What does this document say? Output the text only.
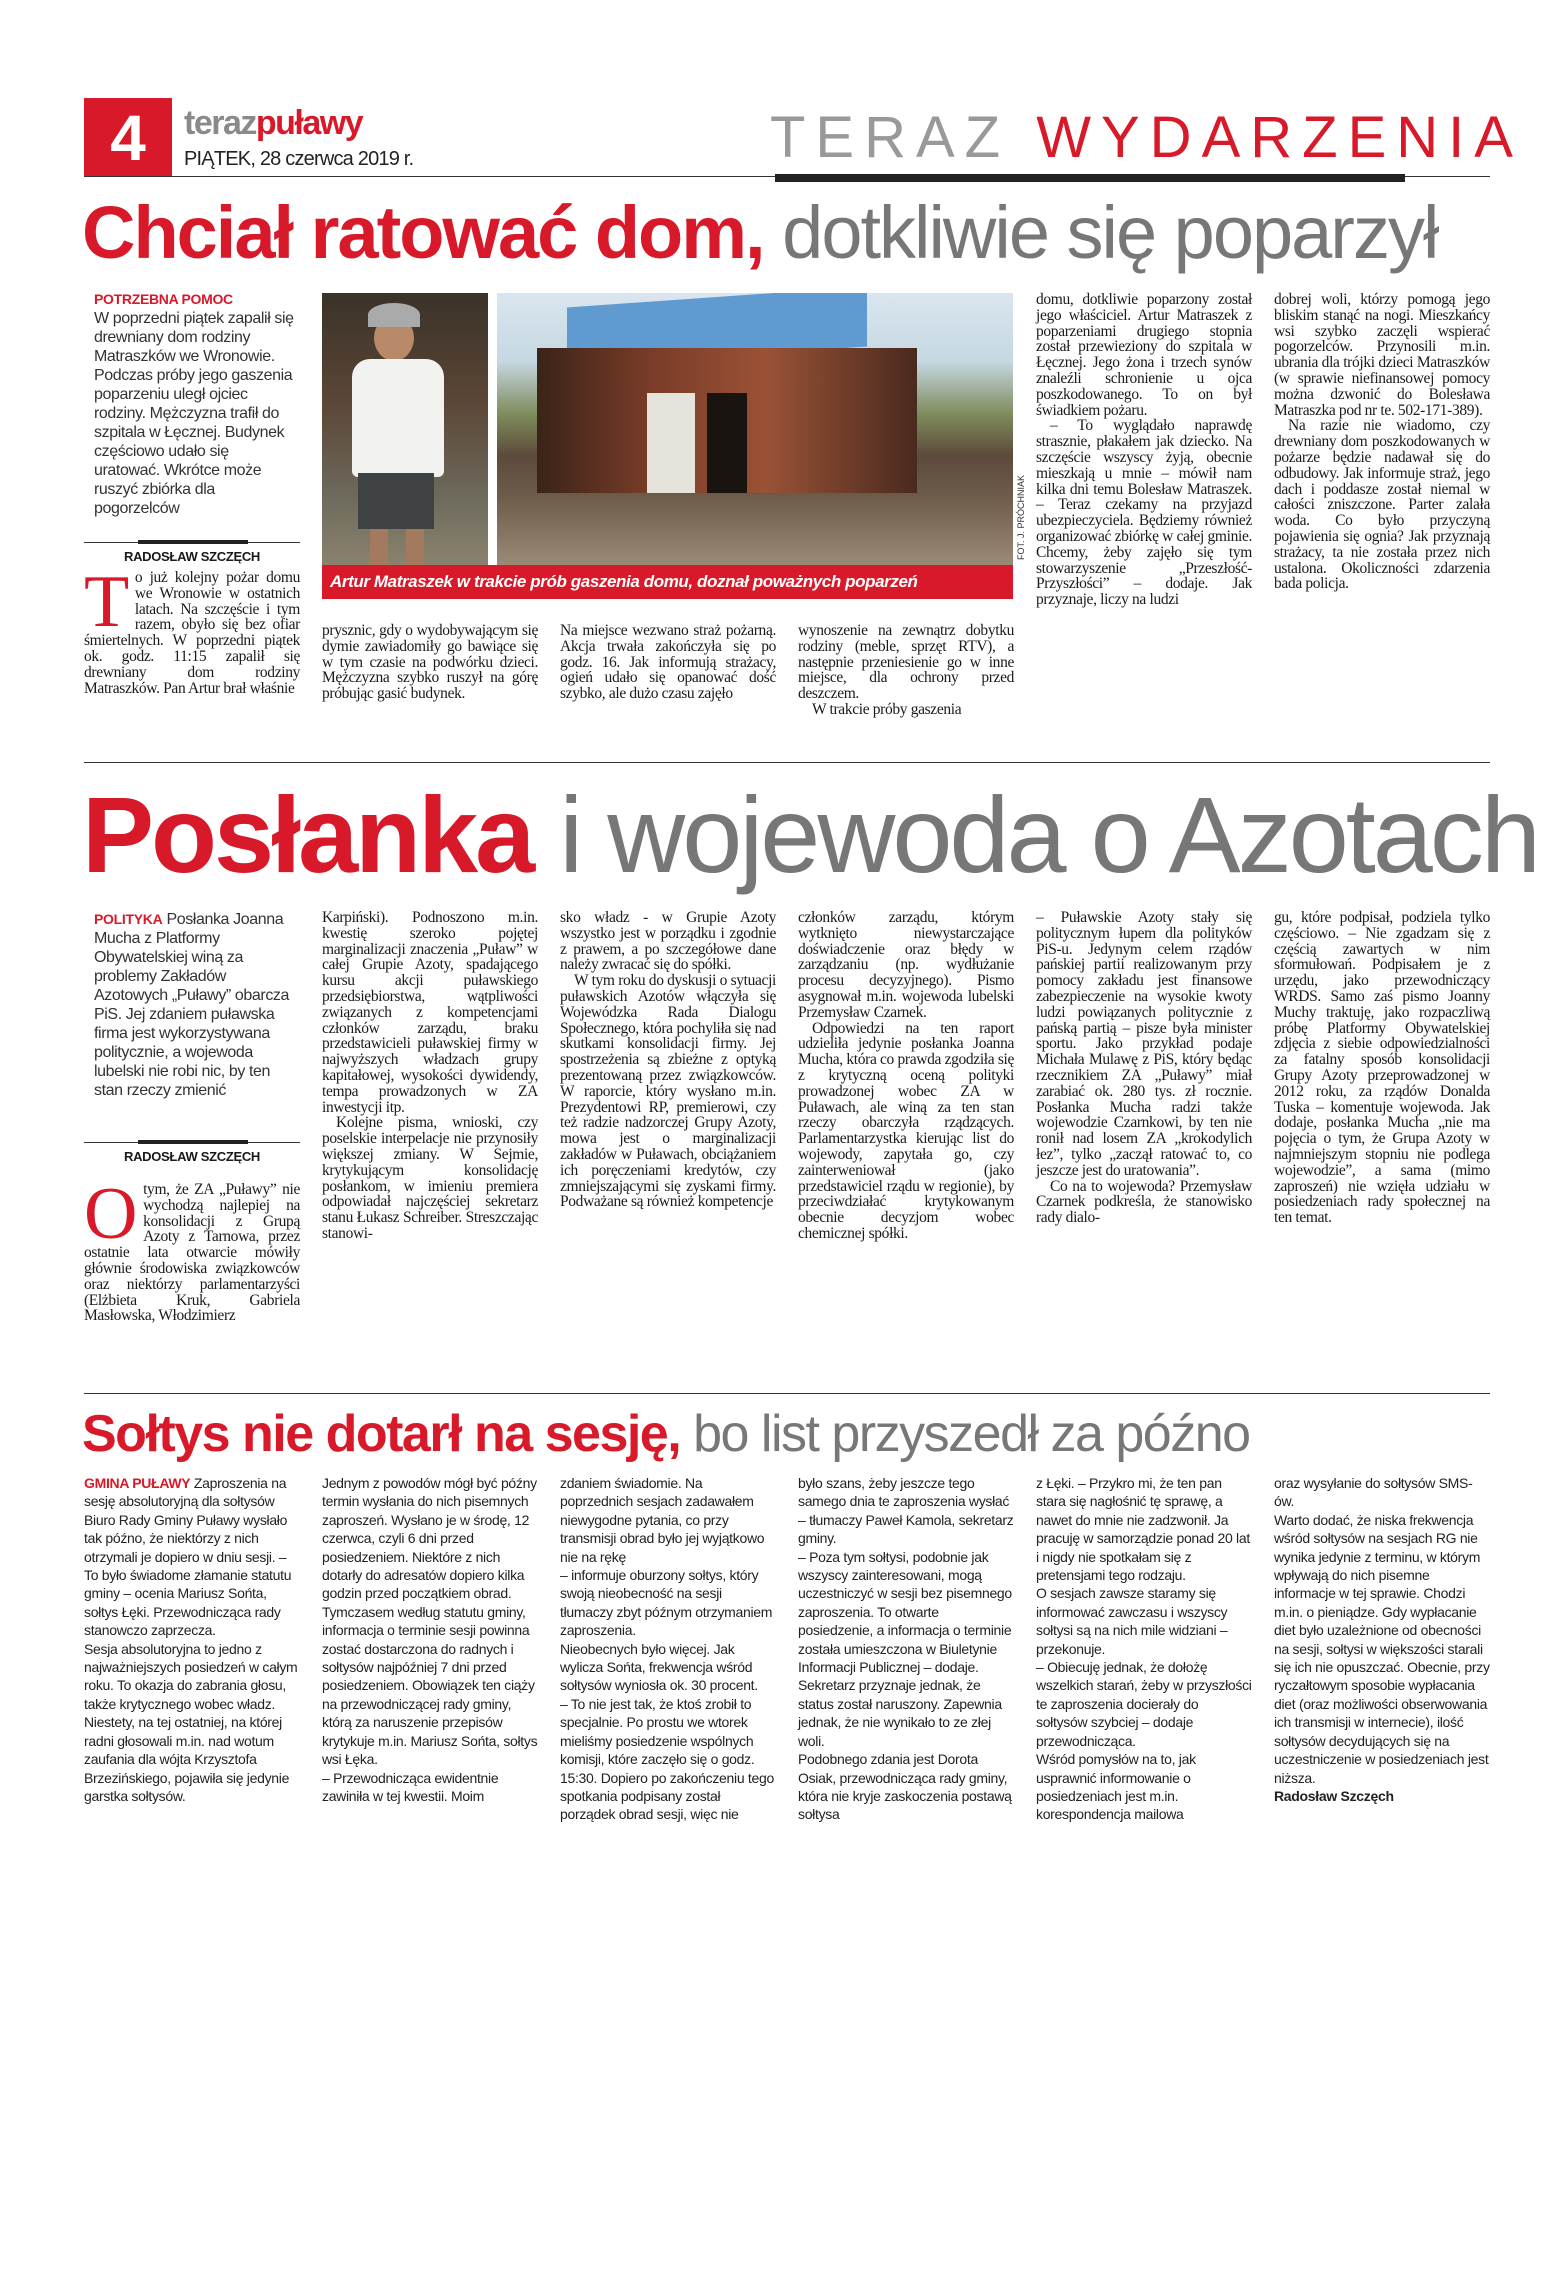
4	terazpuławy
PIĄTEK, 28 czerwca 2019 r.	TERAZ WYDARZENIA
Chciał ratować dom, dotkliwie się poparzył
POTRZEBNA POMOC
W poprzedni piątek zapalił się drewniany dom rodziny Matraszków we Wronowie. Podczas próby jego gaszenia poparzeniu uległ ojciec rodziny. Mężczyzna trafił do szpitala w Łęcznej. Budynek częściowo udało się uratować. Wkrótce może ruszyć zbiórka dla pogorzelców
RADOSŁAW SZCZĘCH
T o już kolejny pożar domu we Wronowie w ostatnich latach. Na szczęście i tym razem, obyło się bez ofiar śmiertelnych. W poprzedni piątek ok. godz. 11:15 zapalił się drewniany dom rodziny Matraszków. Pan Artur brał właśnie

Artur Matraszek w trakcie prób gaszenia domu, doznał poważnych poparzeń
FOT. J. PRÓCHNIAK

prysznic, gdy o wydobywającym się dymie zawiadomiły go bawiące się w tym czasie na podwórku dzieci. Mężczyzna szybko ruszył na górę próbując gasić budynek.

Na miejsce wezwano straż pożarną. Akcja trwała zakończyła się po godz. 16. Jak informują strażacy, ogień udało się opanować dość szybko, ale dużo czasu zajęło

wynoszenie na zewnątrz dobytku rodziny (meble, sprzęt RTV), a następnie przeniesienie go w inne miejsce, dla ochrony przed deszczem.

W trakcie próby gaszenia

domu, dotkliwie poparzony został jego właściciel. Artur Matraszek z poparzeniami drugiego stopnia został przewieziony do szpitala w Łęcznej. Jego żona i trzech synów znaleźli schronienie u ojca poszkodowanego. To on był świadkiem pożaru.

– To wyglądało naprawdę strasznie, płakałem jak dziecko. Na szczęście wszyscy żyją, obecnie mieszkają u mnie – mówił nam kilka dni temu Bolesław Matraszek. – Teraz czekamy na przyjazd ubezpieczyciela. Będziemy również organizować zbiórkę w całej gminie. Chcemy, żeby zajęło się tym stowarzyszenie „Przeszłość-Przyszłości” – dodaje. Jak przyznaje, liczy na ludzi

dobrej woli, którzy pomogą jego bliskim stanąć na nogi. Mieszkańcy wsi szybko zaczęli wspierać pogorzelców. Przynosili m.in. ubrania dla trójki dzieci Matraszków (w sprawie niefinansowej pomocy można dzwonić do Bolesława Matraszka pod nr te. 502-171-389).

Na razie nie wiadomo, czy drewniany dom poszkodowanych w pożarze będzie nadawał się do odbudowy. Jak informuje straż, jego dach i poddasze został niemal w całości zniszczone. Parter zalała woda. Co było przyczyną pojawienia się ognia? Jak przyznają strażacy, ta nie została przez nich ustalona. Okoliczności zdarzenia bada policja.

Posłanka i wojewoda o Azotach
POLITYKA Posłanka Joanna Mucha z Platformy Obywatelskiej winą za problemy Zakładów Azotowych „Puławy” obarcza PiS. Jej zdaniem puławska firma jest wykorzystywana politycznie, a wojewoda lubelski nie robi nic, by ten stan rzeczy zmienić
RADOSŁAW SZCZĘCH
O tym, że ZA „Puławy” nie wychodzą najlepiej na konsolidacji z Grupą Azoty z Tarnowa, przez ostatnie lata otwarcie mówiły głównie środowiska związkowców oraz niektórzy parlamentarzyści (Elżbieta Kruk, Gabriela Masłowska, Włodzimierz

Karpiński). Podnoszono m.in. kwestię szeroko pojętej marginalizacji znaczenia „Puław” w całej Grupie Azoty, spadającego kursu akcji puławskiego przedsiębiorstwa, wątpliwości związanych z kompetencjami członków zarządu, braku przedstawicieli puławskiej firmy w najwyższych władzach grupy kapitałowej, wysokości dywidendy, tempa prowadzonych w ZA inwestycji itp.

Kolejne pisma, wnioski, czy poselskie interpelacje nie przynosiły większej zmiany. W Sejmie, krytykującym konsolidację posłankom, w imieniu premiera odpowiadał najczęściej sekretarz stanu Łukasz Schreiber. Streszczając stanowi-

sko władz - w Grupie Azoty wszystko jest w porządku i zgodnie z prawem, a po szczegółowe dane należy zwracać się do spółki.

W tym roku do dyskusji o sytuacji puławskich Azotów włączyła się Wojewódzka Rada Dialogu Społecznego, która pochyliła się nad skutkami konsolidacji firmy. Jej spostrzeżenia są zbieżne z optyką prezentowaną przez związkowców. W raporcie, który wysłano m.in. Prezydentowi RP, premierowi, czy też radzie nadzorczej Grupy Azoty, mowa jest o marginalizacji zakładów w Puławach, obciążaniem ich poręczeniami kredytów, czy zmniejszającymi się zyskami firmy. Podważane są również kompetencje

członków zarządu, którym wytknięto niewystarczające doświadczenie oraz błędy w zarządzaniu (np. wydłużanie procesu decyzyjnego). Pismo asygnował m.in. wojewoda lubelski Przemysław Czarnek.

Odpowiedzi na ten raport udzieliła jedynie posłanka Joanna Mucha, która co prawda zgodziła się z krytyczną oceną polityki prowadzonej wobec ZA w Puławach, ale winą za ten stan rzeczy obarczyła rządzących. Parlamentarzystka kierując list do wojewody, zapytała go, czy zainterweniował (jako przedstawiciel rządu w regionie), by przeciwdziałać krytykowanym obecnie decyzjom wobec chemicznej spółki.

– Puławskie Azoty stały się politycznym łupem dla polityków PiS-u. Jedynym celem rządów pańskiej partii realizowanym przy pomocy zakładu jest finansowe zabezpieczenie na wysokie kwoty ludzi powiązanych politycznie z pańską partią – pisze była minister sportu. Jako przykład podaje Michała Mulawę z PiS, który będąc rzecznikiem ZA „Puławy” miał zarabiać ok. 280 tys. zł rocznie. Posłanka Mucha radzi także wojewodzie Czarnkowi, by ten nie ronił nad losem ZA „krokodylich łez”, tylko „zaczął ratować to, co jeszcze jest do uratowania”.

Co na to wojewoda? Przemysław Czarnek podkreśla, że stanowisko rady dialo-

gu, które podpisał, podziela tylko częściowo. – Nie zgadzam się z częścią zawartych w nim sformułowań. Podpisałem je z urzędu, jako przewodniczący WRDS. Samo zaś pismo Joanny Muchy traktuję, jako rozpaczliwą próbę Platformy Obywatelskiej zdjęcia z siebie odpowiedzialności za fatalny sposób konsolidacji Grupy Azoty przeprowadzonej w 2012 roku, za rządów Donalda Tuska – komentuje wojewoda. Jak dodaje, posłanka Mucha „nie ma pojęcia o tym, że Grupa Azoty w najmniejszym stopniu nie podlega wojewodzie”, a sama (mimo zaproszeń) nie wzięła udziału w posiedzeniach rady społecznej na ten temat.

Sołtys nie dotarł na sesję, bo list przyszedł za późno
GMINA PUŁAWY Zaproszenia na sesję absolutoryjną dla sołtysów Biuro Rady Gminy Puławy wysłało tak późno, że niektórzy z nich otrzymali je dopiero w dniu sesji. – To było świadome złamanie statutu gminy – ocenia Mariusz Sońta, sołtys Łęki. Przewodnicząca rady stanowczo zaprzecza.

Sesja absolutoryjna to jedno z najważniejszych posiedzeń w całym roku. To okazja do zabrania głosu, także krytycznego wobec władz. Niestety, na tej ostatniej, na której radni głosowali m.in. nad wotum zaufania dla wójta Krzysztofa Brzezińskiego, pojawiła się jedynie garstka sołtysów.

Jednym z powodów mógł być późny termin wysłania do nich pisemnych zaproszeń. Wysłano je w środę, 12 czerwca, czyli 6 dni przed posiedzeniem. Niektóre z nich dotarły do adresatów dopiero kilka godzin przed początkiem obrad.

Tymczasem według statutu gminy, informacja o terminie sesji powinna zostać dostarczona do radnych i sołtysów najpóźniej 7 dni przed posiedzeniem. Obowiązek ten ciąży na przewodniczącej rady gminy, którą za naruszenie przepisów krytykuje m.in. Mariusz Sońta, sołtys wsi Łęka.

– Przewodnicząca ewidentnie zawiniła w tej kwestii. Moim

zdaniem świadomie. Na poprzednich sesjach zadawałem niewygodne pytania, co przy transmisji obrad było jej wyjątkowo nie na rękę

– informuje oburzony sołtys, który swoją nieobecność na sesji tłumaczy zbyt późnym otrzymaniem zaproszenia.

Nieobecnych było więcej. Jak wylicza Sońta, frekwencja wśród sołtysów wyniosła ok. 30 procent.

– To nie jest tak, że ktoś zrobił to specjalnie. Po prostu we wtorek mieliśmy posiedzenie wspólnych komisji, które zaczęło się o godz. 15:30. Dopiero po zakończeniu tego spotkania podpisany został porządek obrad sesji, więc nie

było szans, żeby jeszcze tego samego dnia te zaproszenia wysłać – tłumaczy Paweł Kamola, sekretarz gminy.

– Poza tym sołtysi, podobnie jak wszyscy zainteresowani, mogą uczestniczyć w sesji bez pisemnego zaproszenia. To otwarte posiedzenie, a informacja o terminie została umieszczona w Biuletynie Informacji Publicznej – dodaje.

Sekretarz przyznaje jednak, że status został naruszony. Zapewnia jednak, że nie wynikało to ze złej woli.

Podobnego zdania jest Dorota Osiak, przewodnicząca rady gminy, która nie kryje zaskoczenia postawą sołtysa

z Łęki. – Przykro mi, że ten pan stara się nagłośnić tę sprawę, a nawet do mnie nie zadzwonił. Ja pracuję w samorządzie ponad 20 lat i nigdy nie spotkałam się z pretensjami tego rodzaju.

O sesjach zawsze staramy się informować zawczasu i wszyscy sołtysi są na nich mile widziani – przekonuje.

– Obiecuję jednak, że dołożę wszelkich starań, żeby w przyszłości te zaproszenia docierały do sołtysów szybciej – dodaje przewodnicząca.

Wśród pomysłów na to, jak usprawnić informowanie o posiedzeniach jest m.in. korespondencja mailowa

oraz wysyłanie do sołtysów SMS-ów.

Warto dodać, że niska frekwencja wśród sołtysów na sesjach RG nie wynika jedynie z terminu, w którym wpływają do nich pisemne informacje w tej sprawie. Chodzi m.in. o pieniądze. Gdy wypłacanie diet było uzależnione od obecności na sesji, sołtysi w większości starali się ich nie opuszczać. Obecnie, przy ryczałtowym sposobie wypłacania diet (oraz możliwości obserwowania ich transmisji w internecie), ilość sołtysów decydujących się na uczestniczenie w posiedzeniach jest niższa.

Radosław Szczęch
